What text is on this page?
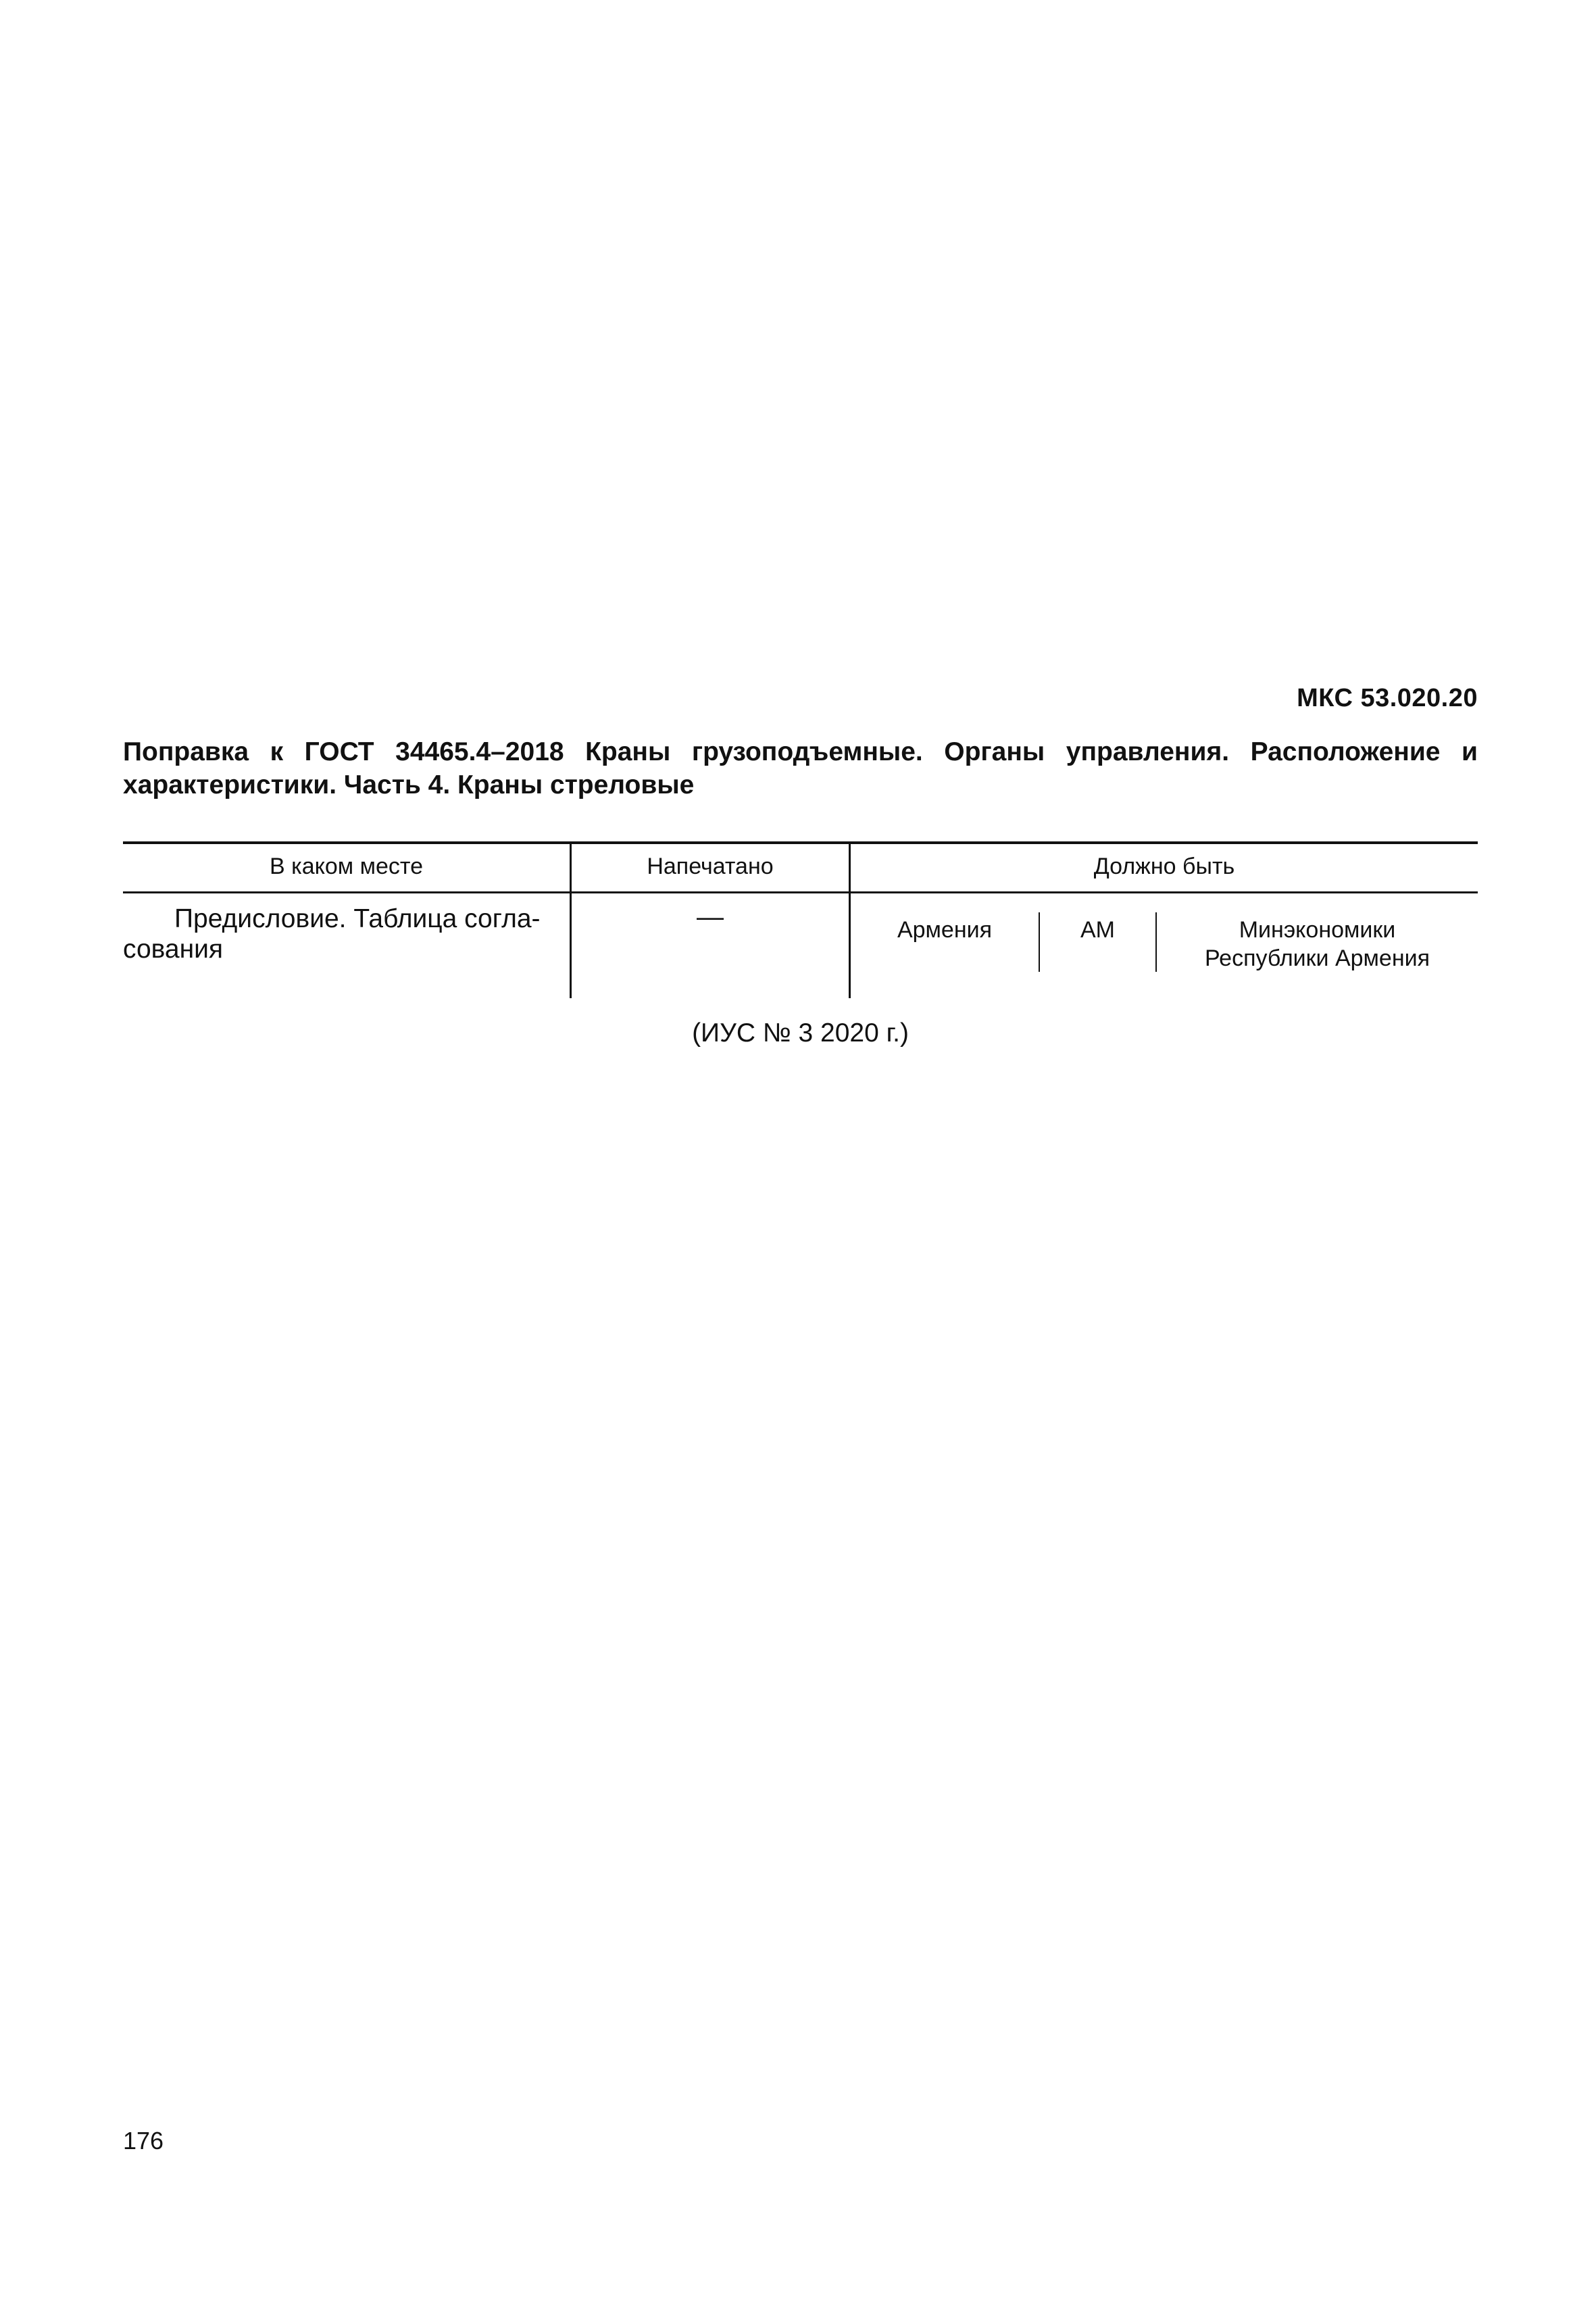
МКС 53.020.20
Поправка к ГОСТ 34465.4–2018 Краны грузоподъемные. Органы управления. Расположение и характеристики. Часть 4. Краны стреловые
В каком месте	Напечатано	Должно быть
Предисловие. Таблица согла-
сования
—	Армения	АМ	Минэкономики
Республики Армения
(ИУС № 3 2020 г.)
176
